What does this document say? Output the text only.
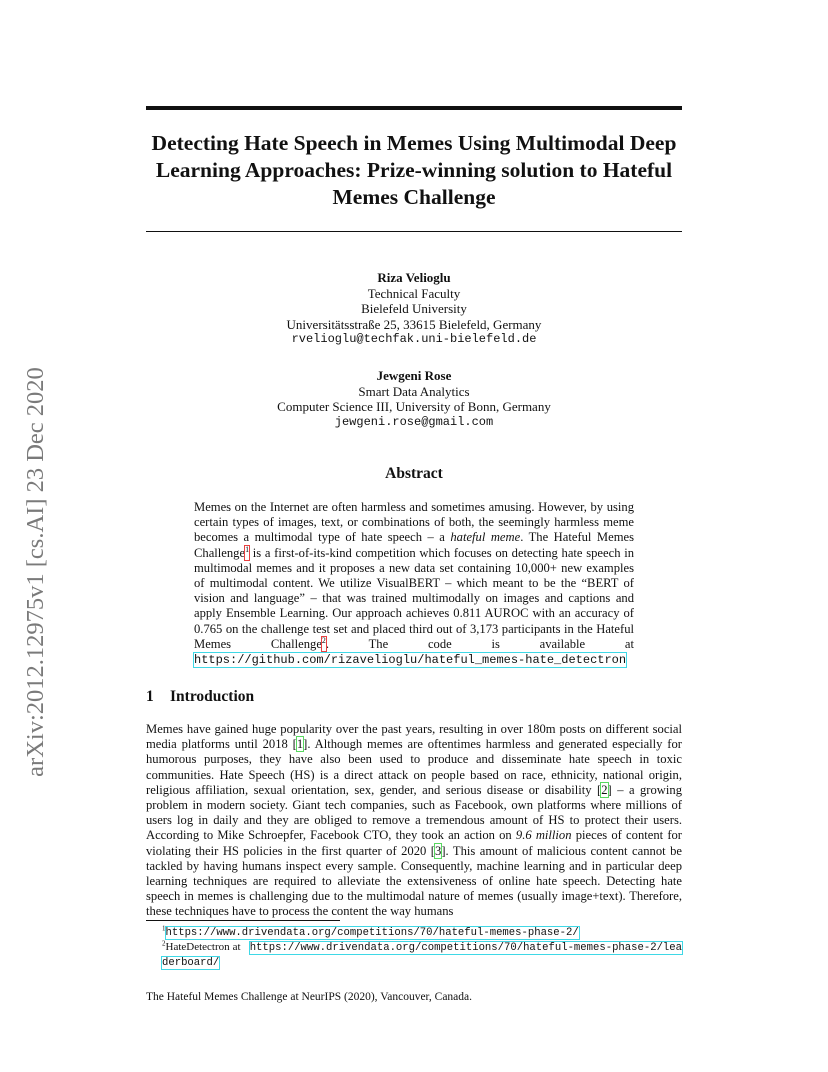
arXiv:2012.12975v1 [cs.AI] 23 Dec 2020
Detecting Hate Speech in Memes Using Multimodal Deep Learning Approaches: Prize-winning solution to Hateful Memes Challenge
Riza Velioglu
Technical Faculty
Bielefeld University
Universitätsstraße 25, 33615 Bielefeld, Germany
rvelioglu@techfak.uni-bielefeld.de
Jewgeni Rose
Smart Data Analytics
Computer Science III, University of Bonn, Germany
jewgeni.rose@gmail.com
Abstract

Memes on the Internet are often harmless and sometimes amusing. However, by using certain types of images, text, or combinations of both, the seemingly harmless meme becomes a multimodal type of hate speech – a hateful meme. The Hateful Memes Challenge$^1$ is a first-of-its-kind competition which focuses on detecting hate speech in multimodal memes and it proposes a new data set containing 10,000+ new examples of multimodal content. We utilize VisualBERT – which meant to be the “BERT of vision and language” – that was trained multimodally on images and captions and apply Ensemble Learning. Our approach achieves 0.811 AUROC with an accuracy of 0.765 on the challenge test set and placed third out of 3,173 participants in the Hateful Memes Challenge$^2$. The code is available at https://github.com/rizavelioglu/hateful_memes-hate_detectron

1 Introduction

Memes have gained huge popularity over the past years, resulting in over 180m posts on different social media platforms until 2018 [1]. Although memes are oftentimes harmless and generated especially for humorous purposes, they have also been used to produce and disseminate hate speech in toxic communities. Hate Speech (HS) is a direct attack on people based on race, ethnicity, national origin, religious affiliation, sexual orientation, sex, gender, and serious disease or disability [2] – a growing problem in modern society. Giant tech companies, such as Facebook, own platforms where millions of users log in daily and they are obliged to remove a tremendous amount of HS to protect their users. According to Mike Schroepfer, Facebook CTO, they took an action on 9.6 million pieces of content for violating their HS policies in the first quarter of 2020 [3]. This amount of malicious content cannot be tackled by having humans inspect every sample. Consequently, machine learning and in particular deep learning techniques are required to alleviate the extensiveness of online hate speech. Detecting hate speech in memes is challenging due to the multimodal nature of memes (usually image+text). Therefore, these techniques have to process the content the way humans

$^1$https://www.drivendata.org/competitions/70/hateful-memes-phase-2/
$^2$HateDetectron at https://www.drivendata.org/competitions/70/hateful-memes-phase-2/leaderboard/
The Hateful Memes Challenge at NeurIPS (2020), Vancouver, Canada.
